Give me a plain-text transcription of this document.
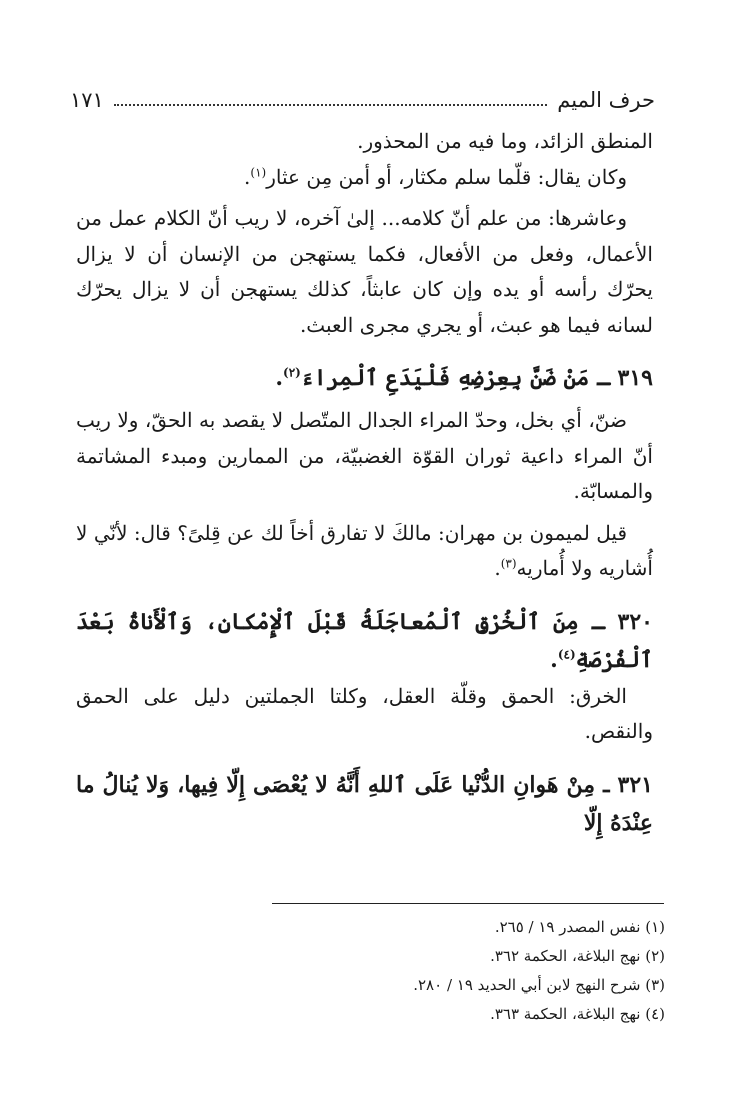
حرف الميم
١٧١

المنطق الزائد، وما فيه من المحذور.

وكان يقال: قلّما سلم مكثار، أو أمن مِن عثار$^{(١)}$.

وعاشرها: من علم أنّ كلامه... إلىٰ آخره، لا ريب أنّ الكلام عمل من الأعمال، وفعل من الأفعال، فكما يستهجن من الإنسان أن لا يزال يحرّك رأسه أو يده وإن كان عابثاً، كذلك يستهجن أن لا يزال يحرّك لسانه فيما هو عبث، أو يجري مجرى العبث.

٣١٩ ـ مَنْ ضَنَّ بِعِرْضِهِ فَلْيَدَعِ ٱلْمِراءَ$^{(٢)}$.

ضنّ، أي بخل، وحدّ المراء الجدال المتّصل لا يقصد به الحقّ، ولا ريب أنّ المراء داعية ثوران القوّة الغضبيّة، من الممارين ومبدء المشاتمة والمسابّة.

قيل لميمون بن مهران: مالكَ لا تفارق أخاً لك عن قِلىً؟ قال: لأنّي لا أُشاريه ولا أُماريه$^{(٣)}$.

٣٢٠ ـ مِنَ ٱلْخُرْقِ ٱلْمُعاجَلَةُ قَبْلَ ٱلْإِمْكانِ، وَٱلْأَناةُ بَعْدَ ٱلْفُرْصَةِ$^{(٤)}$.

الخرق: الحمق وقلّة العقل، وكلتا الجملتين دليل على الحمق والنقص.

٣٢١ ـ مِنْ هَوانِ الدُّنْيا عَلَى ٱللهِ أَنَّهُ لا يُعْصَى إِلّا فِيها، وَلا يُنالُ ما عِنْدَهُ إِلّا

(١) نفس المصدر ١٩ / ٢٦٥.

(٢) نهج البلاغة، الحكمة ٣٦٢.

(٣) شرح النهج لابن أبي الحديد ١٩ / ٢٨٠.

(٤) نهج البلاغة، الحكمة ٣٦٣.
